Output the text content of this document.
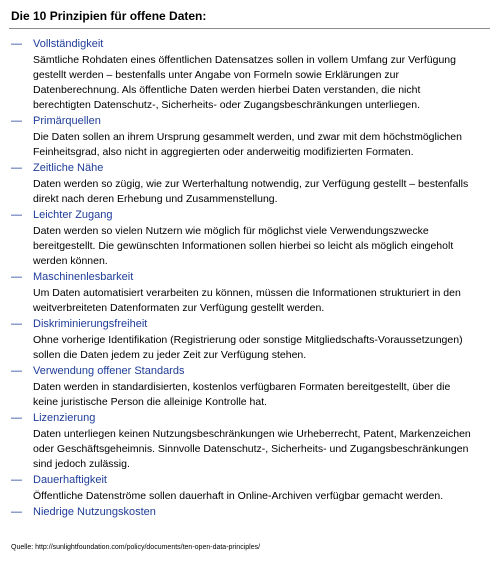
Die 10 Prinzipien für offene Daten:
— Vollständigkeit
Sämtliche Rohdaten eines öffentlichen Datensatzes sollen in vollem Umfang zur Verfügung gestellt werden – bestenfalls unter Angabe von Formeln sowie Erklärungen zur Datenberechnung. Als öffentliche Daten werden hierbei Daten verstanden, die nicht berechtigten Datenschutz-, Sicherheits- oder Zugangsbeschränkungen unterliegen.
— Primärquellen
Die Daten sollen an ihrem Ursprung gesammelt werden, und zwar mit dem höchstmöglichen Feinheitsgrad, also nicht in aggregierten oder anderweitig modifizierten Formaten.
— Zeitliche Nähe
Daten werden so zügig, wie zur Werterhaltung notwendig, zur Verfügung gestellt – bestenfalls direkt nach deren Erhebung und Zusammenstellung.
— Leichter Zugang
Daten werden so vielen Nutzern wie möglich für möglichst viele Verwendungszwecke bereitgestellt. Die gewünschten Informationen sollen hierbei so leicht als möglich eingeholt werden können.
— Maschinenlesbarkeit
Um Daten automatisiert verarbeiten zu können, müssen die Informationen strukturiert in den weitverbreiteten Datenformaten zur Verfügung gestellt werden.
— Diskriminierungsfreiheit
Ohne vorherige Identifikation (Registrierung oder sonstige Mitgliedschafts-Voraussetzungen) sollen die Daten jedem zu jeder Zeit zur Verfügung stehen.
— Verwendung offener Standards
Daten werden in standardisierten, kostenlos verfügbaren Formaten bereitgestellt, über die keine juristische Person die alleinige Kontrolle hat.
— Lizenzierung
Daten unterliegen keinen Nutzungsbeschränkungen wie Urheberrecht, Patent, Markenzeichen oder Geschäftsgeheimnis. Sinnvolle Datenschutz-, Sicherheits- und Zugangsbeschränkungen sind jedoch zulässig.
— Dauerhaftigkeit
Öffentliche Datenströme sollen dauerhaft in Online-Archiven verfügbar gemacht werden.
— Niedrige Nutzungskosten
Quelle: http://sunlightfoundation.com/policy/documents/ten-open-data-principles/
